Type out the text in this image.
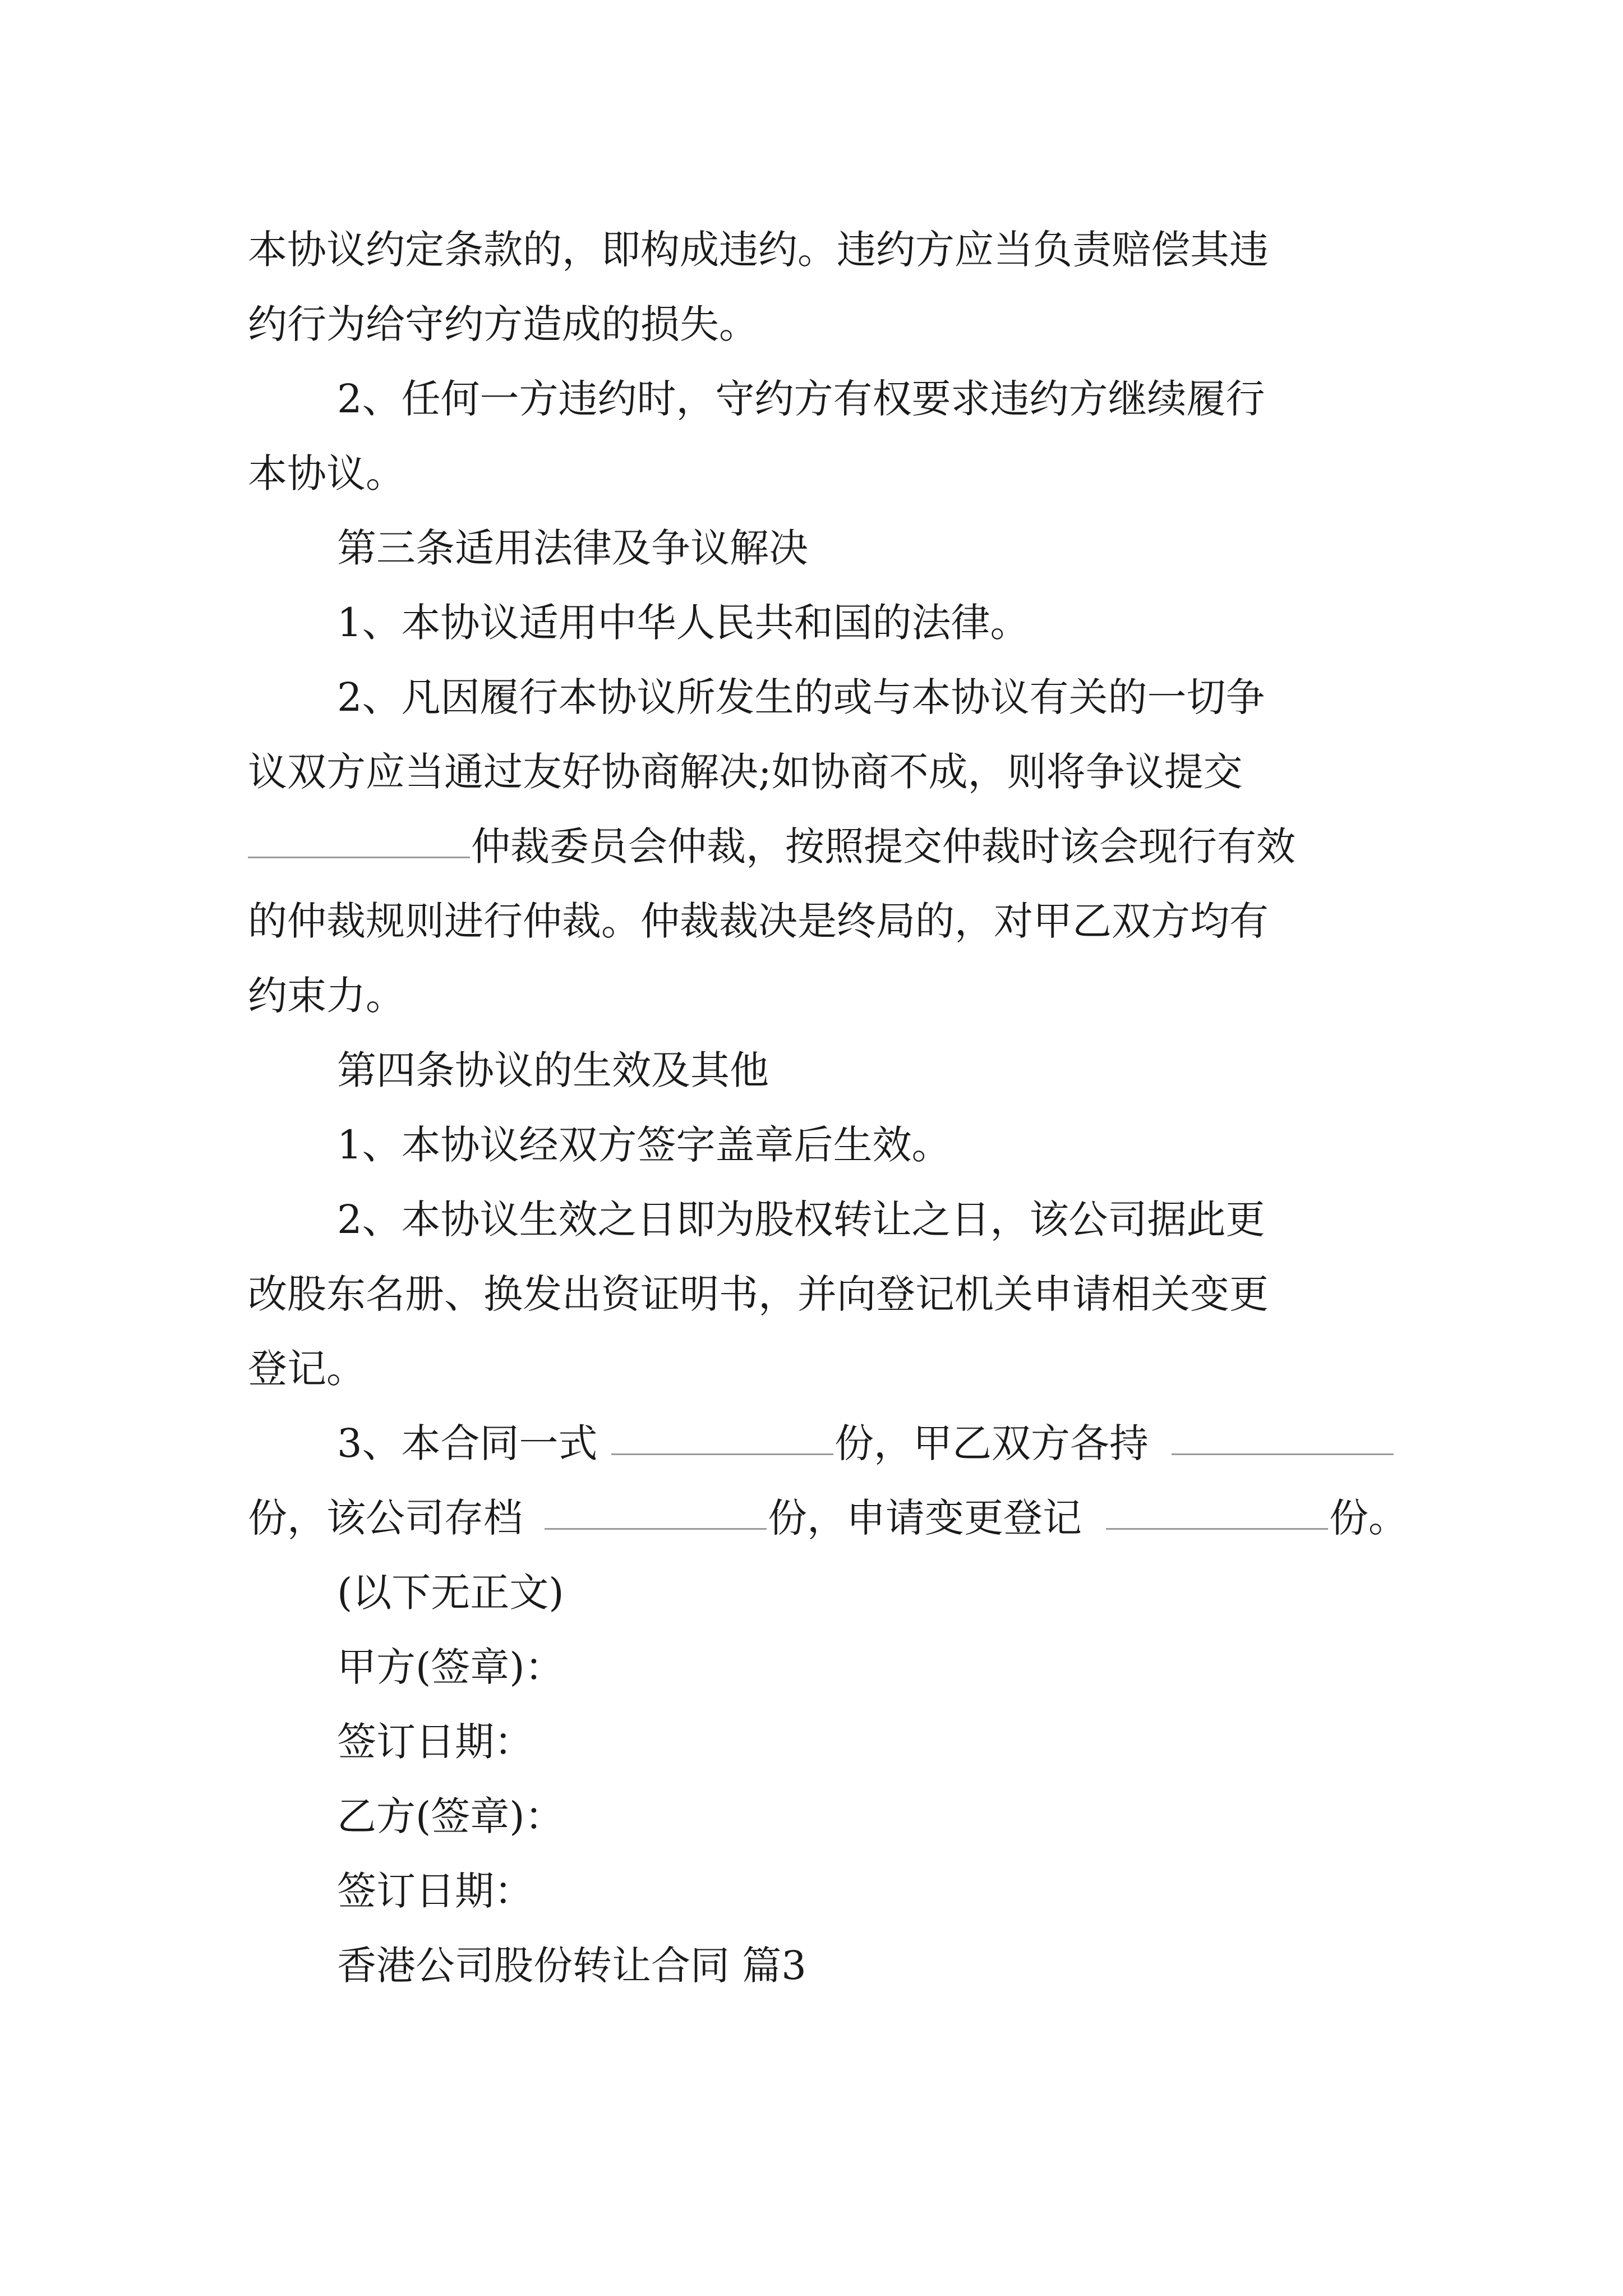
本协议约定条款的，即构成违约。违约方应当负责赔偿其违
约行为给守约方造成的损失。
2、任何一方违约时，守约方有权要求违约方继续履行
本协议。
第三条适用法律及争议解决
1、本协议适用中华人民共和国的法律。
2、凡因履行本协议所发生的或与本协议有关的一切争
议双方应当通过友好协商解决;如协商不成，则将争议提交
仲裁委员会仲裁，按照提交仲裁时该会现行有效
的仲裁规则进行仲裁。仲裁裁决是终局的，对甲乙双方均有
约束力。
第四条协议的生效及其他
1、本协议经双方签字盖章后生效。
2、本协议生效之日即为股权转让之日，该公司据此更
改股东名册、换发出资证明书，并向登记机关申请相关变更
登记。
3、本合同一式	份，甲乙双方各持
份，该公司存档	份，申请变更登记	份。
(以下无正文)
甲方(签章)：
签订日期：
乙方(签章)：
签订日期：
香港公司股份转让合同 篇3
